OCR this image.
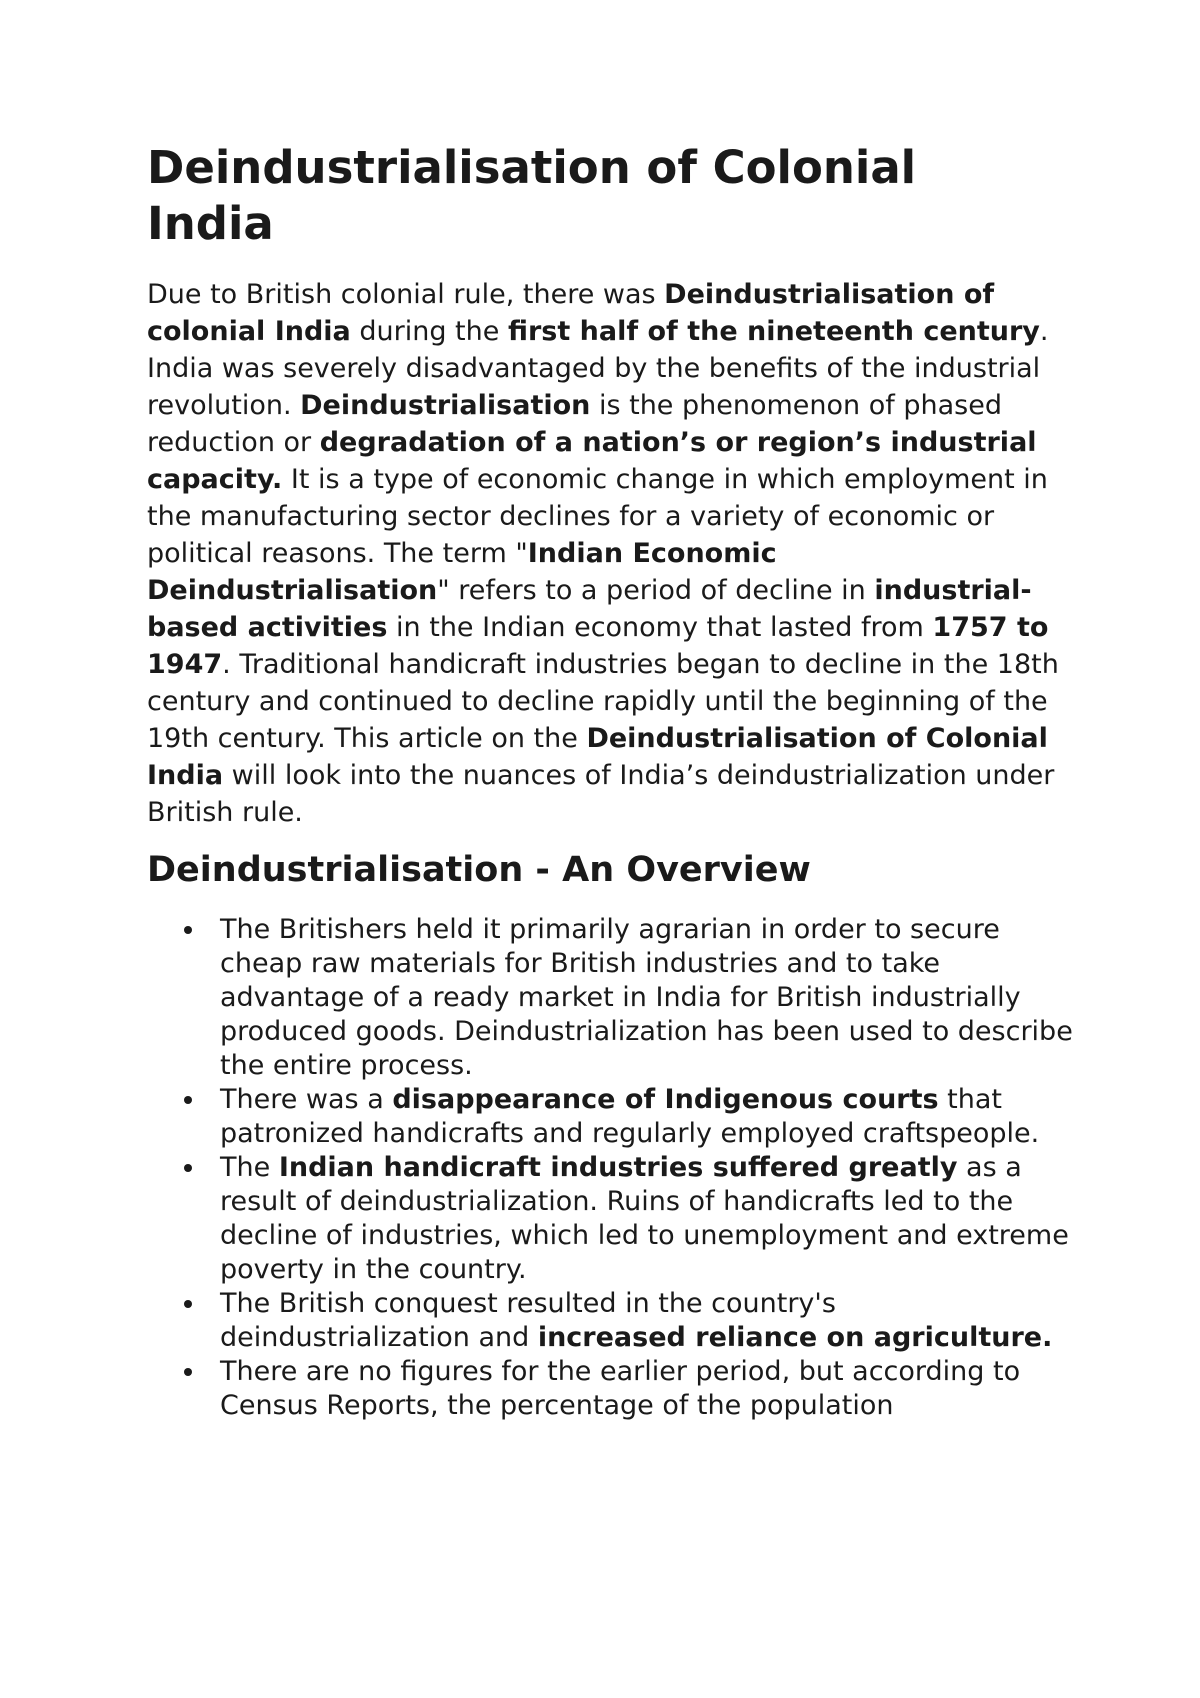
Deindustrialisation of Colonial India

Due to British colonial rule, there was Deindustrialisation of colonial India during the first half of the nineteenth century. India was severely disadvantaged by the benefits of the industrial revolution. Deindustrialisation is the phenomenon of phased reduction or degradation of a nation’s or region’s industrial capacity. It is a type of economic change in which employment in the manufacturing sector declines for a variety of economic or political reasons. The term "Indian Economic Deindustrialisation" refers to a period of decline in industrial-based activities in the Indian economy that lasted from 1757 to 1947. Traditional handicraft industries began to decline in the 18th century and continued to decline rapidly until the beginning of the 19th century. This article on the Deindustrialisation of Colonial India will look into the nuances of India’s deindustrialization under British rule.

Deindustrialisation - An Overview
The Britishers held it primarily agrarian in order to secure cheap raw materials for British industries and to take advantage of a ready market in India for British industrially produced goods. Deindustrialization has been used to describe the entire process.
There was a disappearance of Indigenous courts that patronized handicrafts and regularly employed craftspeople.
The Indian handicraft industries suffered greatly as a result of deindustrialization. Ruins of handicrafts led to the decline of industries, which led to unemployment and extreme poverty in the country.
The British conquest resulted in the country's deindustrialization and increased reliance on agriculture.
There are no figures for the earlier period, but according to Census Reports, the percentage of the population
